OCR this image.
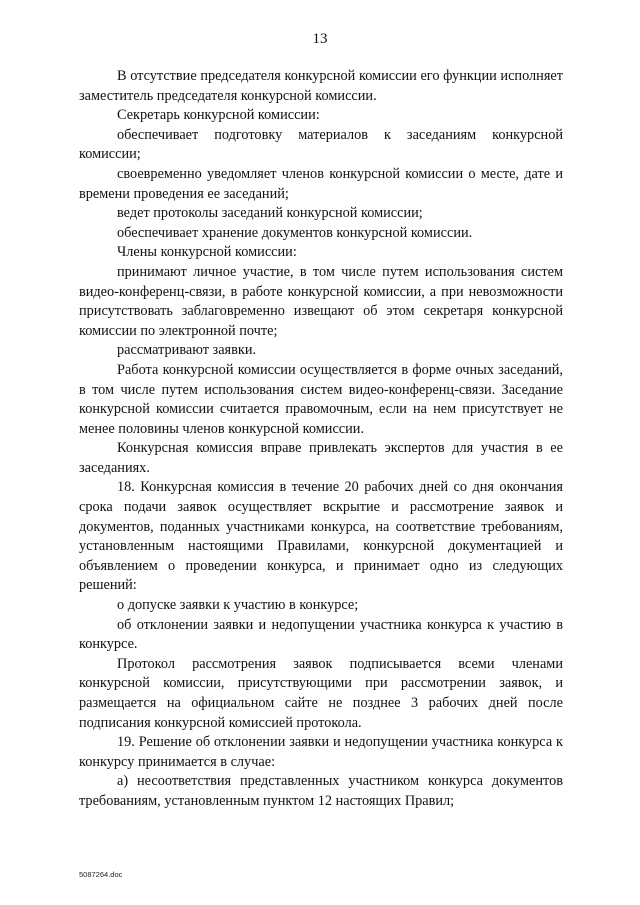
13

В отсутствие председателя конкурсной комиссии его функции исполняет заместитель председателя конкурсной комиссии.

Секретарь конкурсной комиссии:

обеспечивает подготовку материалов к заседаниям конкурсной комиссии;

своевременно уведомляет членов конкурсной комиссии о месте, дате и времени проведения ее заседаний;

ведет протоколы заседаний конкурсной комиссии;

обеспечивает хранение документов конкурсной комиссии.

Члены конкурсной комиссии:

принимают личное участие, в том числе путем использования систем видео-конференц-связи, в работе конкурсной комиссии, а при невозможности присутствовать заблаговременно извещают об этом секретаря конкурсной комиссии по электронной почте;

рассматривают заявки.

Работа конкурсной комиссии осуществляется в форме очных заседаний, в том числе путем использования систем видео-конференц-связи. Заседание конкурсной комиссии считается правомочным, если на нем присутствует не менее половины членов конкурсной комиссии.

Конкурсная комиссия вправе привлекать экспертов для участия в ее заседаниях.

18. Конкурсная комиссия в течение 20 рабочих дней со дня окончания срока подачи заявок осуществляет вскрытие и рассмотрение заявок и документов, поданных участниками конкурса, на соответствие требованиям, установленным настоящими Правилами, конкурсной документацией и объявлением о проведении конкурса, и принимает одно из следующих решений:

о допуске заявки к участию в конкурсе;

об отклонении заявки и недопущении участника конкурса к участию в конкурсе.

Протокол рассмотрения заявок подписывается всеми членами конкурсной комиссии, присутствующими при рассмотрении заявок, и размещается на официальном сайте не позднее 3 рабочих дней после подписания конкурсной комиссией протокола.

19. Решение об отклонении заявки и недопущении участника конкурса к конкурсу принимается в случае:

а) несоответствия представленных участником конкурса документов требованиям, установленным пунктом 12 настоящих Правил;

5087264.doc
